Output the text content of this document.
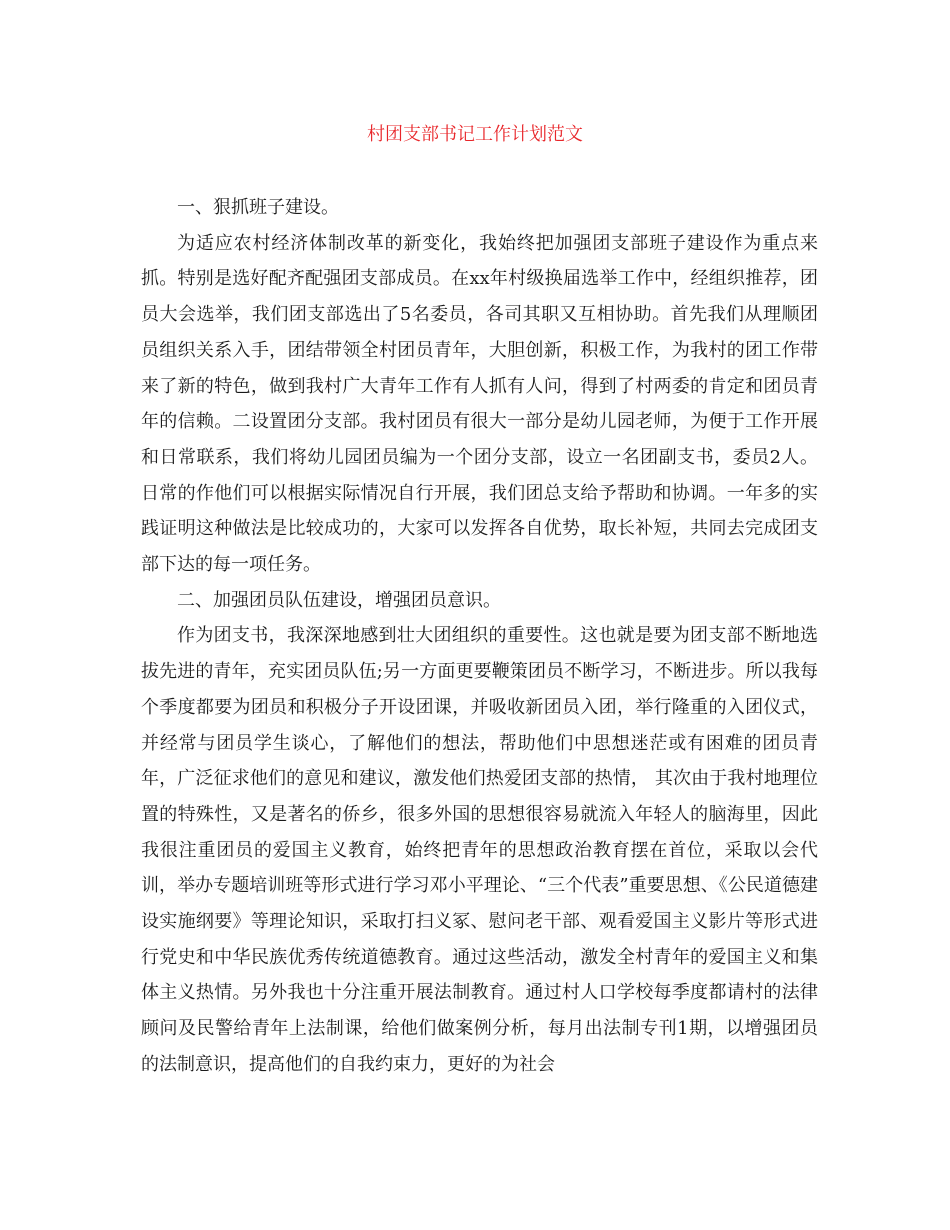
村团支部书记工作计划范文

一、狠抓班子建设。

为适应农村经济体制改革的新变化，我始终把加强团支部班子建设作为重点来抓。特别是选好配齐配强团支部成员。在xx年村级换届选举工作中，经组织推荐，团员大会选举，我们团支部选出了5名委员，各司其职又互相协助。首先我们从理顺团员组织关系入手，团结带领全村团员青年，大胆创新，积极工作，为我村的团工作带来了新的特色，做到我村广大青年工作有人抓有人问，得到了村两委的肯定和团员青年的信赖。二设置团分支部。我村团员有很大一部分是幼儿园老师，为便于工作开展和日常联系，我们将幼儿园团员编为一个团分支部，设立一名团副支书，委员2人。日常的作他们可以根据实际情况自行开展，我们团总支给予帮助和协调。一年多的实践证明这种做法是比较成功的，大家可以发挥各自优势，取长补短，共同去完成团支部下达的每一项任务。

二、加强团员队伍建设，增强团员意识。

作为团支书，我深深地感到壮大团组织的重要性。这也就是要为团支部不断地选拔先进的青年，充实团员队伍;另一方面更要鞭策团员不断学习，不断进步。所以我每个季度都要为团员和积极分子开设团课，并吸收新团员入团，举行隆重的入团仪式，并经常与团员学生谈心，了解他们的想法，帮助他们中思想迷茫或有困难的团员青年，广泛征求他们的意见和建议，激发他们热爱团支部的热情， 其次由于我村地理位置的特殊性，又是著名的侨乡，很多外国的思想很容易就流入年轻人的脑海里，因此我很注重团员的爱国主义教育，始终把青年的思想政治教育摆在首位，采取以会代训，举办专题培训班等形式进行学习邓小平理论、“三个代表”重要思想、《公民道德建设实施纲要》等理论知识，采取打扫义冢、慰问老干部、观看爱国主义影片等形式进行党史和中华民族优秀传统道德教育。通过这些活动，激发全村青年的爱国主义和集体主义热情。另外我也十分注重开展法制教育。通过村人口学校每季度都请村的法律顾问及民警给青年上法制课，给他们做案例分析，每月出法制专刊1期，以增强团员的法制意识，提高他们的自我约束力，更好的为社会
